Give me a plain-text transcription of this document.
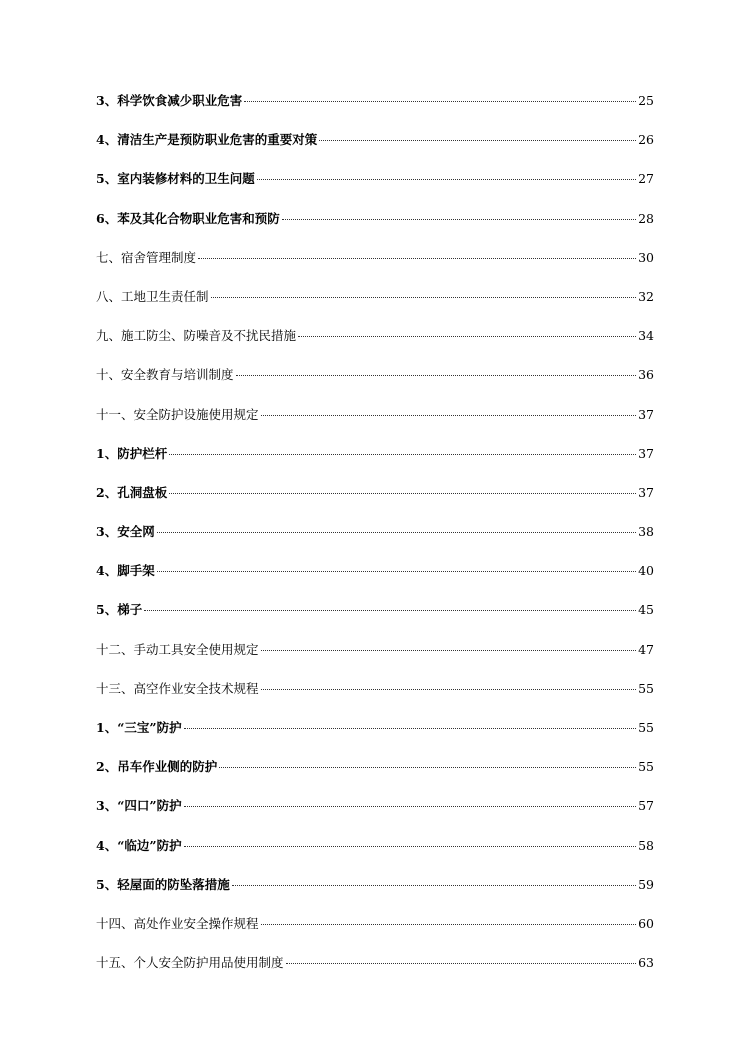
3、科学饮食减少职业危害	25
4、清洁生产是预防职业危害的重要对策	26
5、室内装修材料的卫生问题	27
6、苯及其化合物职业危害和预防	28
七、宿舍管理制度	30
八、工地卫生责任制	32
九、施工防尘、防噪音及不扰民措施	34
十、安全教育与培训制度	36
十一、安全防护设施使用规定	37
1、防护栏杆	37
2、孔洞盘板	37
3、安全网	38
4、脚手架	40
5、梯子	45
十二、手动工具安全使用规定	47
十三、高空作业安全技术规程	55
1、“三宝”防护	55
2、吊车作业侧的防护	55
3、“四口”防护	57
4、“临边”防护	58
5、轻屋面的防坠落措施	59
十四、高处作业安全操作规程	60
十五、个人安全防护用品使用制度	63
